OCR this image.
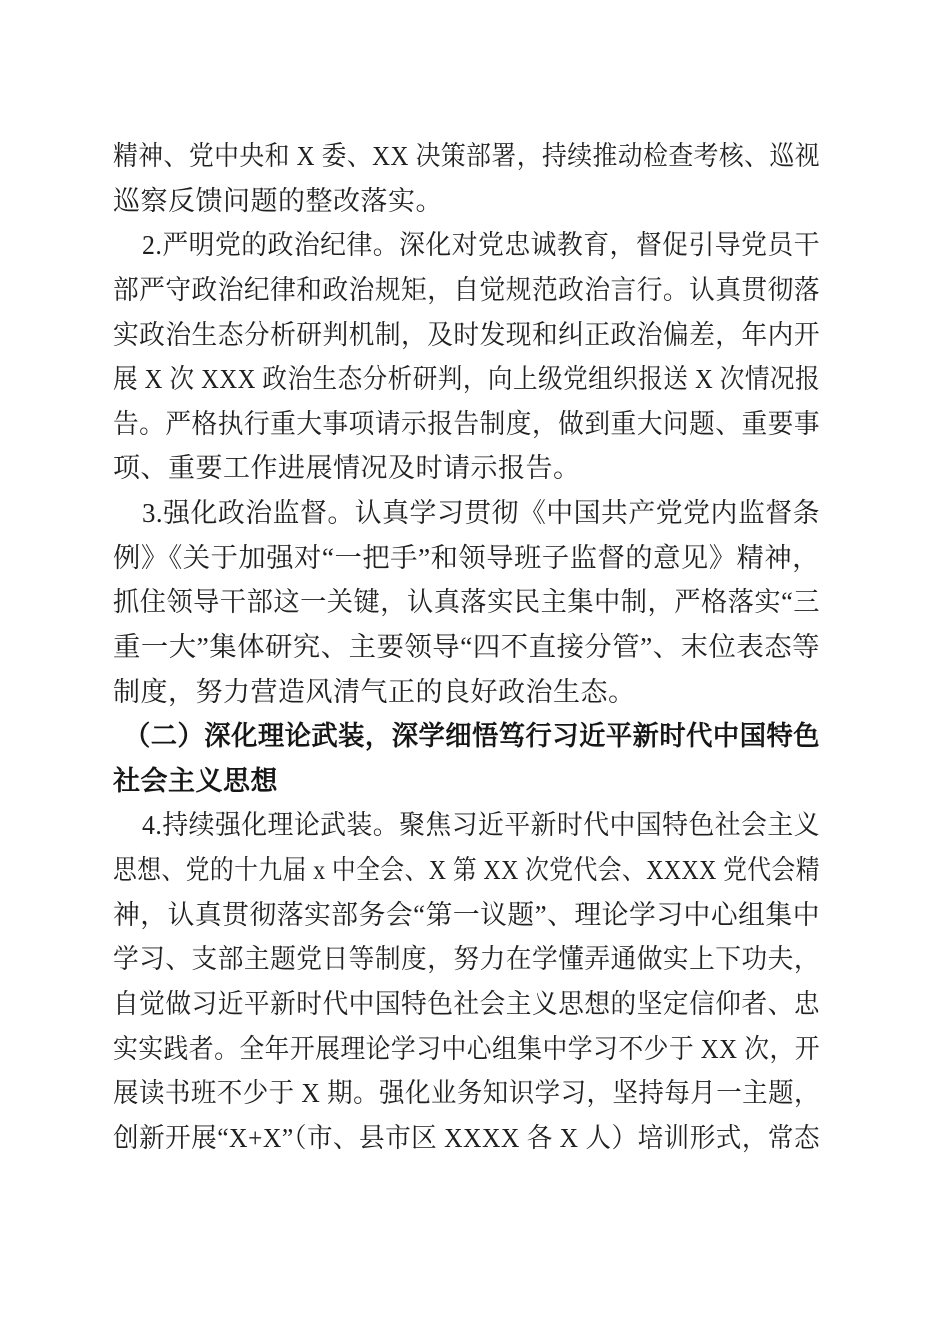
精神、党中央和 X 委、XX 决策部署，持续推动检查考核、巡视
巡察反馈问题的整改落实。
2.严明党的政治纪律。深化对党忠诚教育，督促引导党员干
部严守政治纪律和政治规矩，自觉规范政治言行。认真贯彻落
实政治生态分析研判机制，及时发现和纠正政治偏差，年内开
展 X 次 XXX 政治生态分析研判，向上级党组织报送 X 次情况报
告。严格执行重大事项请示报告制度，做到重大问题、重要事
项、重要工作进展情况及时请示报告。
3.强化政治监督。认真学习贯彻《中国共产党党内监督条
例》《关于加强对“一把手”和领导班子监督的意见》精神，
抓住领导干部这一关键，认真落实民主集中制，严格落实“三
重一大”集体研究、主要领导“四不直接分管”、末位表态等
制度，努力营造风清气正的良好政治生态。
（二）深化理论武装，深学细悟笃行习近平新时代中国特色
社会主义思想
4.持续强化理论武装。聚焦习近平新时代中国特色社会主义
思想、党的十九届 x 中全会、X 第 XX 次党代会、XXXX 党代会精
神，认真贯彻落实部务会“第一议题”、理论学习中心组集中
学习、支部主题党日等制度，努力在学懂弄通做实上下功夫，
自觉做习近平新时代中国特色社会主义思想的坚定信仰者、忠
实实践者。全年开展理论学习中心组集中学习不少于 XX 次，开
展读书班不少于 X 期。强化业务知识学习，坚持每月一主题，
创新开展“X+X”（市、县市区 XXXX 各 X 人）培训形式，常态
